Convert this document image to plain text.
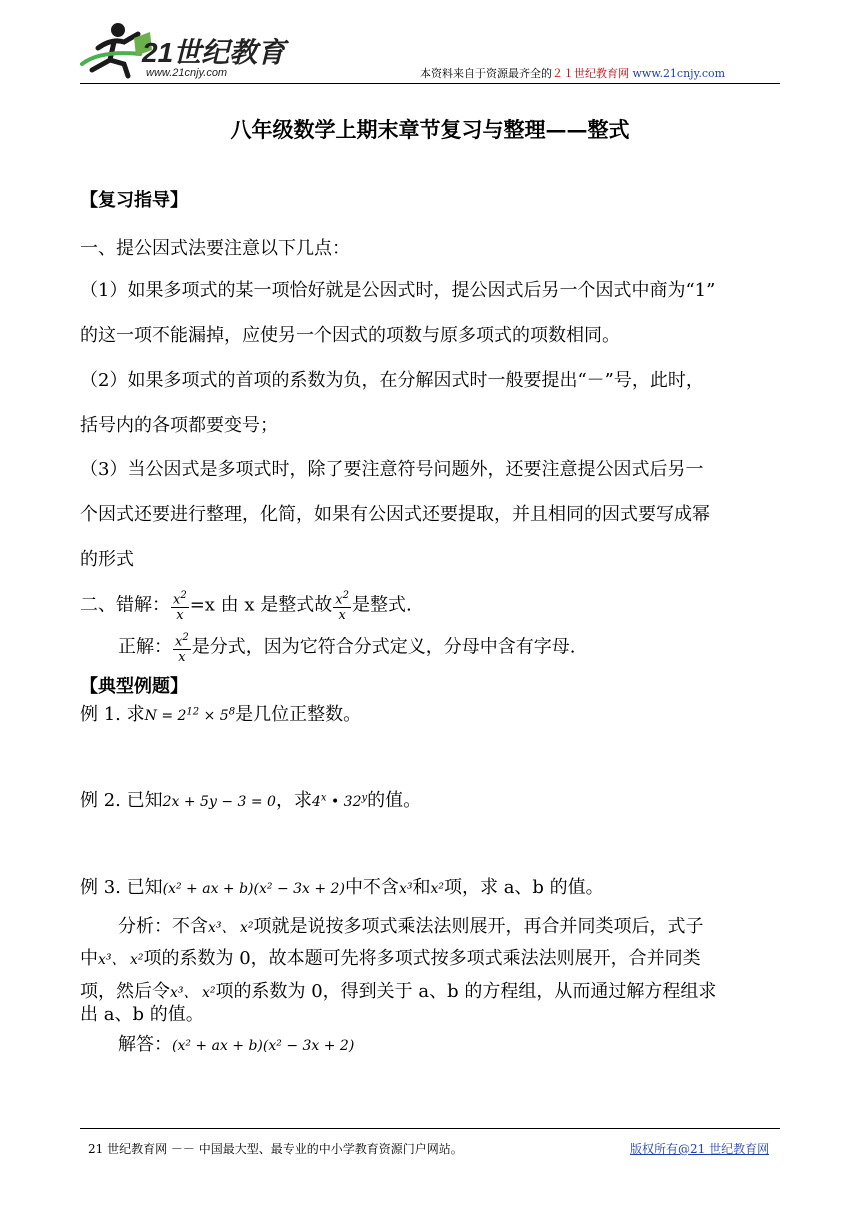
21世纪教育
www.21cnjy.com	本资料来自于资源最齐全的２１世纪教育网 www.21cnjy.com
八年级数学上期末章节复习与整理——整式
【复习指导】
一、提公因式法要注意以下几点：
（1）如果多项式的某一项恰好就是公因式时，提公因式后另一个因式中商为“1”
的这一项不能漏掉，应使另一个因式的项数与原多项式的项数相同。
（2）如果多项式的首项的系数为负，在分解因式时一般要提出“－”号，此时，
括号内的各项都要变号；
（3）当公因式是多项式时，除了要注意符号问题外，还要注意提公因式后另一
个因式还要进行整理，化简，如果有公因式还要提取，并且相同的因式要写成幂
的形式
二、错解： $\frac{x^2}{x} =x$ 由 x 是整式故 $\frac{x^2}{x}$ 是整式.
正解： $\frac{x^2}{x}$ 是分式，因为它符合分式定义，分母中含有字母.
【典型例题】
例 1. 求$N = 2^{12} \times 5^8$是几位正整数。
例 2. 已知2x + 5y − 3 = 0，求4$^x$ • 32$^y$的值。
例 3. 已知(x² + ax + b)(x² − 3x + 2)中不含x³和x²项，求 a、b 的值。
分析：不含x³、 x²项就是说按多项式乘法法则展开，再合并同类项后，式子
中x³、 x²项的系数为 0，故本题可先将多项式按多项式乘法法则展开，合并同类
项，然后令x³、 x²项的系数为 0，得到关于 a、b 的方程组，从而通过解方程组求
出 a、b 的值。
解答：(x² + ax + b)(x² − 3x + 2)
21 世纪教育网 －－ 中国最大型、最专业的中小学教育资源门户网站。	版权所有@21 世纪教育网
